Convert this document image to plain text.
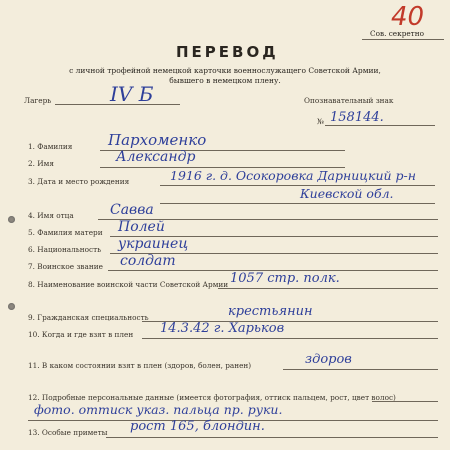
40
Сов. секретно
ПЕРЕВОД
с личной трофейной немецкой карточки военнослужащего Советской Армии,
бывшего в немецком плену.
Лагерь	IV Б	Опознавательный знак
№ 158144.
1. Фамилия Пархоменко
2. Имя	Александр
3. Дата и место рождения	1916 г. д. Осокоровка Дарницкий р-н
Киевской обл.
4. Имя отца	Савва
5. Фамилия матери Полей
6. Национальность украинец
7. Воинское звание солдат
8. Наименование воинской части Советской Армии 1057 стр. полк.
9. Гражданская специальность	крестьянин
10. Когда и где взят в плен 14.3.42 г. Харьков
11. В каком состоянии взят в плен (здоров, болен, ранен)	здоров
12. Подробные персональные данные (имеется фотография, оттиск пальцем, рост, цвет волос)
фото. оттиск указ. пальца пр. руки.
13. Особые приметы рост 165, блондин.
